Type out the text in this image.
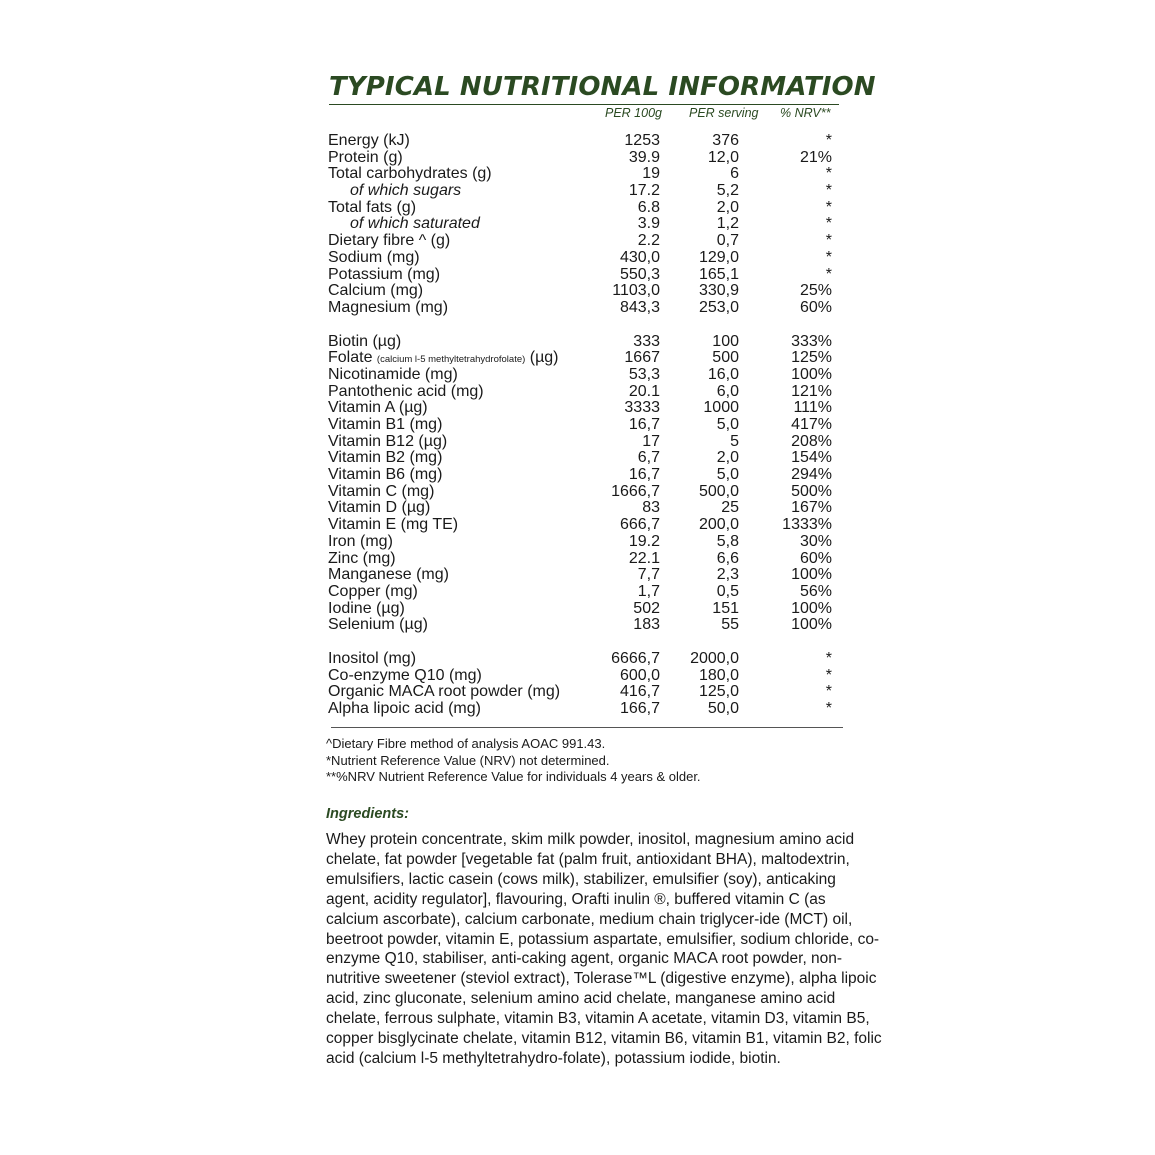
TYPICAL NUTRITIONAL INFORMATION
PER 100g PER serving % NRV**
Energy (kJ)	1253	376	*
Protein (g)	39.9	12,0	21%
Total carbohydrates (g)	19	6	*
of which sugars	17.2	5,2	*
Total fats (g)	6.8	2,0	*
of which saturated	3.9	1,2	*
Dietary fibre ^ (g)	2.2	0,7	*
Sodium (mg)	430,0 129,0	*
Potassium (mg)	550,3 165,1	*
Calcium (mg)	1103,0 330,9	25%
Magnesium (mg)	843,3 253,0	60%
Biotin (µg)	333	100	333%
Folate (calcium l-5 methyltetrahydrofolate) (µg)	1667	500	125%
Nicotinamide (mg)	53,3	16,0	100%
Pantothenic acid (mg)	20.1	6,0	121%
Vitamin A (µg)	3333	1000	111%
Vitamin B1 (mg)	16,7	5,0	417%
Vitamin B12 (µg)	17	5	208%
Vitamin B2 (mg)	6,7	2,0	154%
Vitamin B6 (mg)	16,7	5,0	294%
Vitamin C (mg)	1666,7 500,0	500%
Vitamin D (µg)	83	25	167%
Vitamin E (mg TE)	666,7 200,0	1333%
Iron (mg)	19.2	5,8	30%
Zinc (mg)	22.1	6,6	60%
Manganese (mg)	7,7	2,3	100%
Copper (mg)	1,7	0,5	56%
Iodine (µg)	502	151	100%
Selenium (µg)	183	55	100%
Inositol (mg)	6666,7 2000,0	*
Co-enzyme Q10 (mg)	600,0 180,0	*
Organic MACA root powder (mg)	416,7 125,0	*
Alpha lipoic acid (mg)	166,7	50,0	*
^Dietary Fibre method of analysis AOAC 991.43.
*Nutrient Reference Value (NRV) not determined.
**%NRV Nutrient Reference Value for individuals 4 years & older.
Ingredients:
Whey protein concentrate, skim milk powder, inositol, magnesium amino acid chelate, fat powder [vegetable fat (palm fruit, antioxidant BHA), maltodextrin, emulsifiers, lactic casein (cows milk), stabilizer, emulsifier (soy), anticaking agent, acidity regulator], flavouring, Orafti inulin ®, buffered vitamin C (as calcium ascorbate), calcium carbonate, medium chain triglycer-ide (MCT) oil, beetroot powder, vitamin E, potassium aspartate, emulsifier, sodium chloride, co-enzyme Q10, stabiliser, anti-caking agent, organic MACA root powder, non-nutritive sweetener (steviol extract), Tolerase™L (digestive enzyme), alpha lipoic acid, zinc gluconate, selenium amino acid chelate, manganese amino acid chelate, ferrous sulphate, vitamin B3, vitamin A acetate, vitamin D3, vitamin B5, copper bisglycinate chelate, vitamin B12, vitamin B6, vitamin B1, vitamin B2, folic acid (calcium l-5 methyltetrahydro-folate), potassium iodide, biotin.
